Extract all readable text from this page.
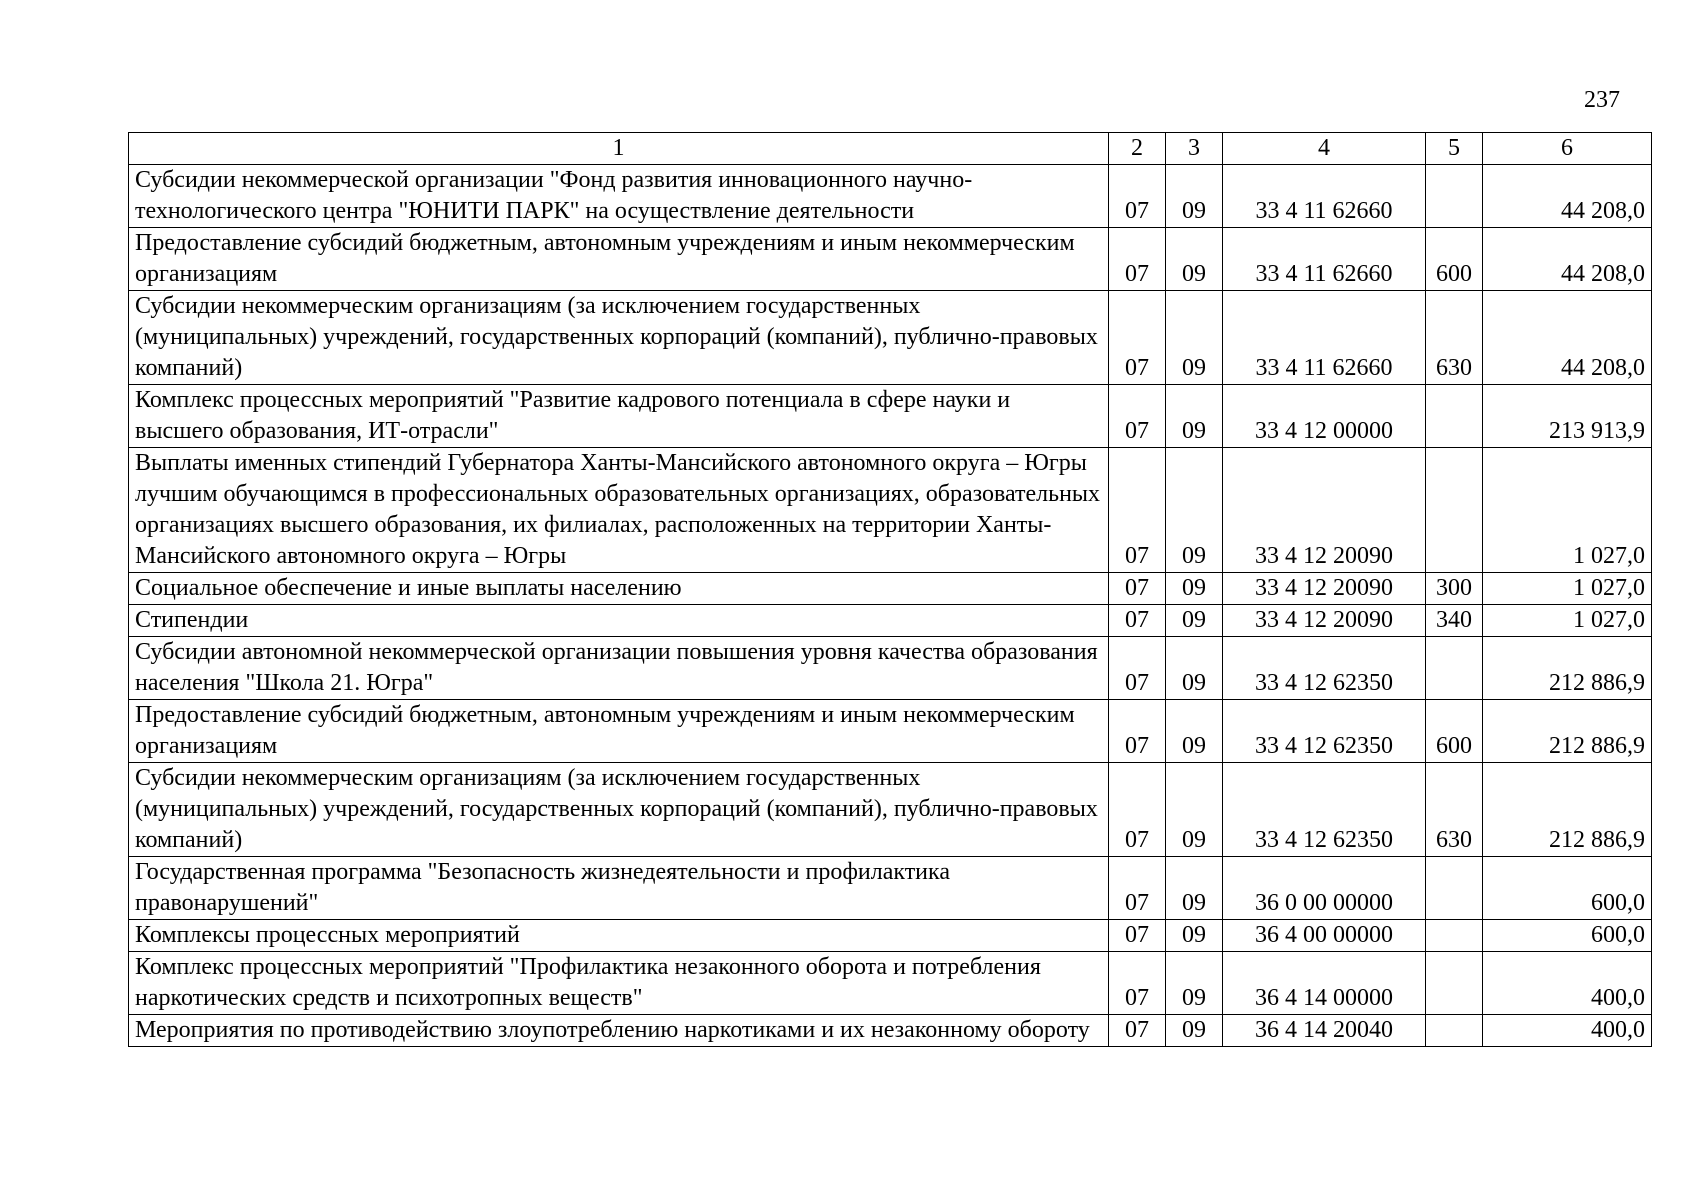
237
1	2	3	4	5	6
Субсидии некоммерческой организации "Фонд развития инновационного научно-технологического центра "ЮНИТИ ПАРК" на осуществление деятельности	07	09	33 4 11 62660		44 208,0
Предоставление субсидий бюджетным, автономным учреждениям и иным некоммерческим организациям	07	09	33 4 11 62660	600	44 208,0
Субсидии некоммерческим организациям (за исключением государственных (муниципальных) учреждений, государственных корпораций (компаний), публично-правовых компаний)	07	09	33 4 11 62660	630	44 208,0
Комплекс процессных мероприятий "Развитие кадрового потенциала в сфере науки и высшего образования, ИТ-отрасли"	07	09	33 4 12 00000		213 913,9
Выплаты именных стипендий Губернатора Ханты-Мансийского автономного округа – Югры лучшим обучающимся в профессиональных образовательных организациях, образовательных организациях высшего образования, их филиалах, расположенных на территории Ханты-Мансийского автономного округа – Югры	07	09	33 4 12 20090		1 027,0
Социальное обеспечение и иные выплаты населению	07	09	33 4 12 20090	300	1 027,0
Стипендии	07	09	33 4 12 20090	340	1 027,0
Субсидии автономной некоммерческой организации повышения уровня качества образования населения "Школа 21. Югра"	07	09	33 4 12 62350		212 886,9
Предоставление субсидий бюджетным, автономным учреждениям и иным некоммерческим организациям	07	09	33 4 12 62350	600	212 886,9
Субсидии некоммерческим организациям (за исключением государственных (муниципальных) учреждений, государственных корпораций (компаний), публично-правовых компаний)	07	09	33 4 12 62350	630	212 886,9
Государственная программа "Безопасность жизнедеятельности и профилактика правонарушений"	07	09	36 0 00 00000		600,0
Комплексы процессных мероприятий	07	09	36 4 00 00000		600,0
Комплекс процессных мероприятий "Профилактика незаконного оборота и потребления наркотических средств и психотропных веществ"	07	09	36 4 14 00000		400,0
Мероприятия по противодействию злоупотреблению наркотиками и их незаконному обороту	07	09	36 4 14 20040		400,0
